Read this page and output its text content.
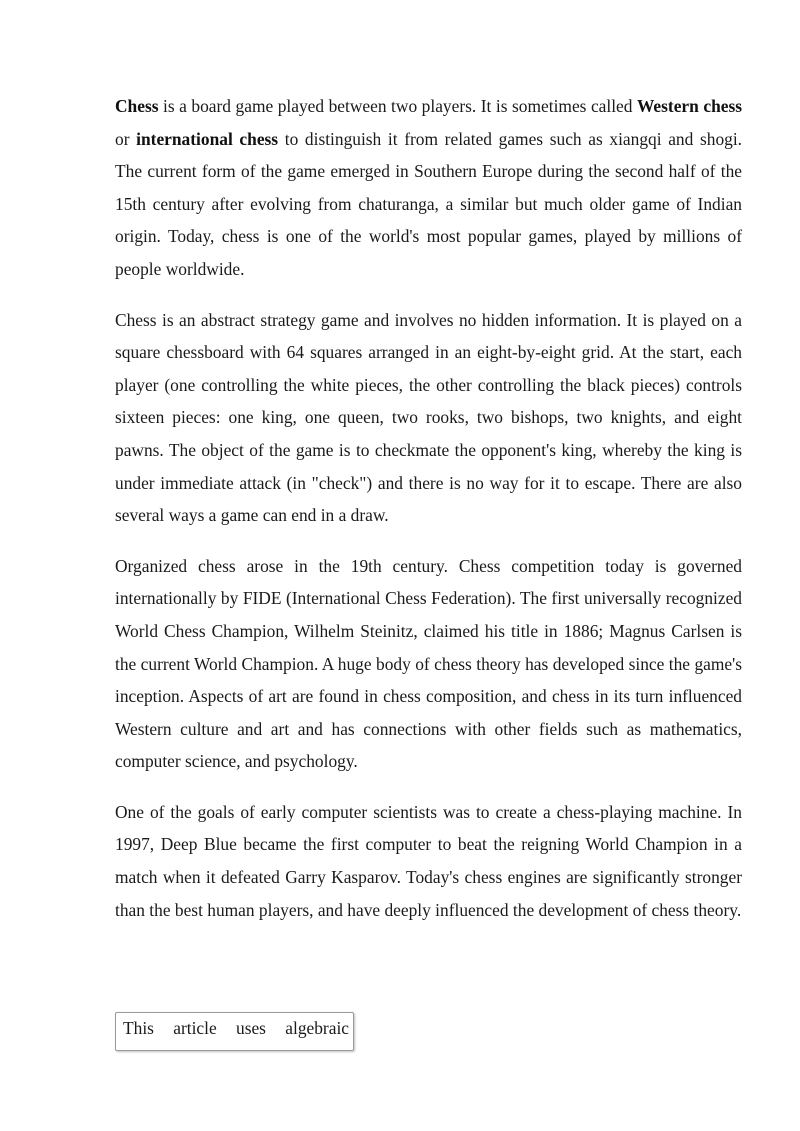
Chess is a board game played between two players. It is sometimes called Western chess or international chess to distinguish it from related games such as xiangqi and shogi. The current form of the game emerged in Southern Europe during the second half of the 15th century after evolving from chaturanga, a similar but much older game of Indian origin. Today, chess is one of the world's most popular games, played by millions of people worldwide.

Chess is an abstract strategy game and involves no hidden information. It is played on a square chessboard with 64 squares arranged in an eight-by-eight grid. At the start, each player (one controlling the white pieces, the other controlling the black pieces) controls sixteen pieces: one king, one queen, two rooks, two bishops, two knights, and eight pawns. The object of the game is to checkmate the opponent's king, whereby the king is under immediate attack (in "check") and there is no way for it to escape. There are also several ways a game can end in a draw.

Organized chess arose in the 19th century. Chess competition today is governed internationally by FIDE (International Chess Federation). The first universally recognized World Chess Champion, Wilhelm Steinitz, claimed his title in 1886; Magnus Carlsen is the current World Champion. A huge body of chess theory has developed since the game's inception. Aspects of art are found in chess composition, and chess in its turn influenced Western culture and art and has connections with other fields such as mathematics, computer science, and psychology.

One of the goals of early computer scientists was to create a chess-playing machine. In 1997, Deep Blue became the first computer to beat the reigning World Champion in a match when it defeated Garry Kasparov. Today's chess engines are significantly stronger than the best human players, and have deeply influenced the development of chess theory.

This article uses algebraic
